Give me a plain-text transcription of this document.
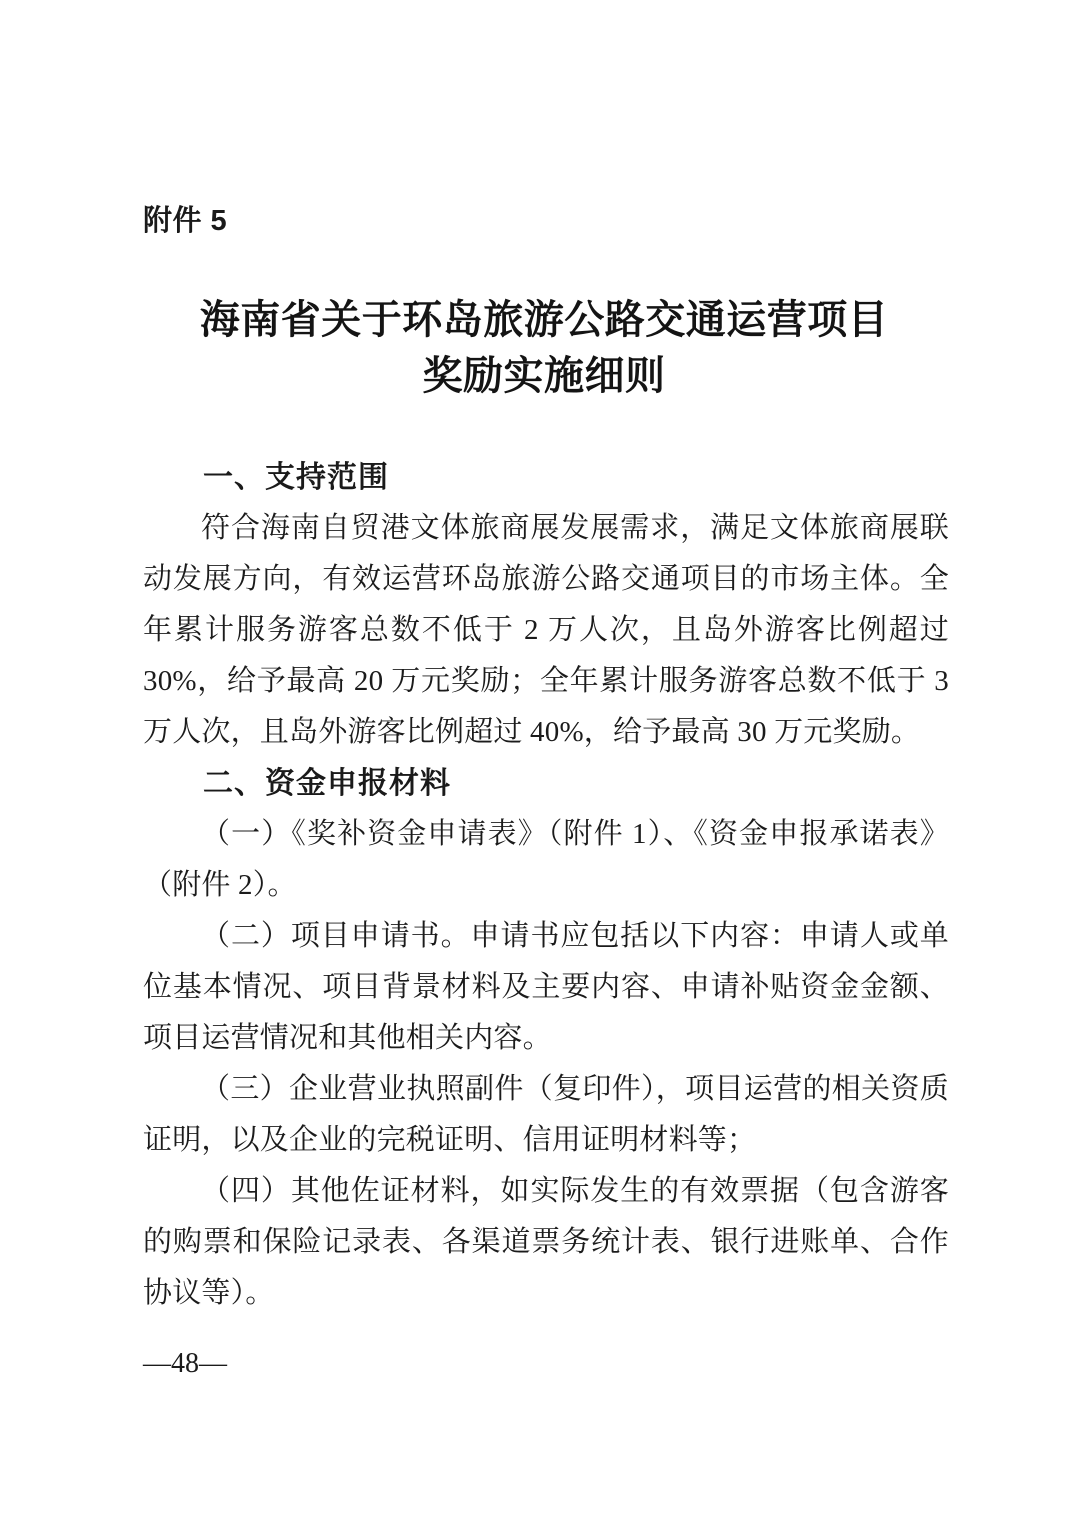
附件 5
海南省关于环岛旅游公路交通运营项目
奖励实施细则
一、支持范围

符合海南自贸港文体旅商展发展需求，满足文体旅商展联动发展方向，有效运营环岛旅游公路交通项目的市场主体。全年累计服务游客总数不低于 2 万人次，且岛外游客比例超过 30%，给予最高 20 万元奖励；全年累计服务游客总数不低于 3 万人次，且岛外游客比例超过 40%，给予最高 30 万元奖励。

二、资金申报材料

（一）《奖补资金申请表》（附件 1）、《资金申报承诺表》（附件 2）。

（二）项目申请书。申请书应包括以下内容：申请人或单位基本情况、项目背景材料及主要内容、申请补贴资金金额、项目运营情况和其他相关内容。

（三）企业营业执照副件（复印件），项目运营的相关资质证明，以及企业的完税证明、信用证明材料等；

（四）其他佐证材料，如实际发生的有效票据（包含游客的购票和保险记录表、各渠道票务统计表、银行进账单、合作协议等）。

—48—
